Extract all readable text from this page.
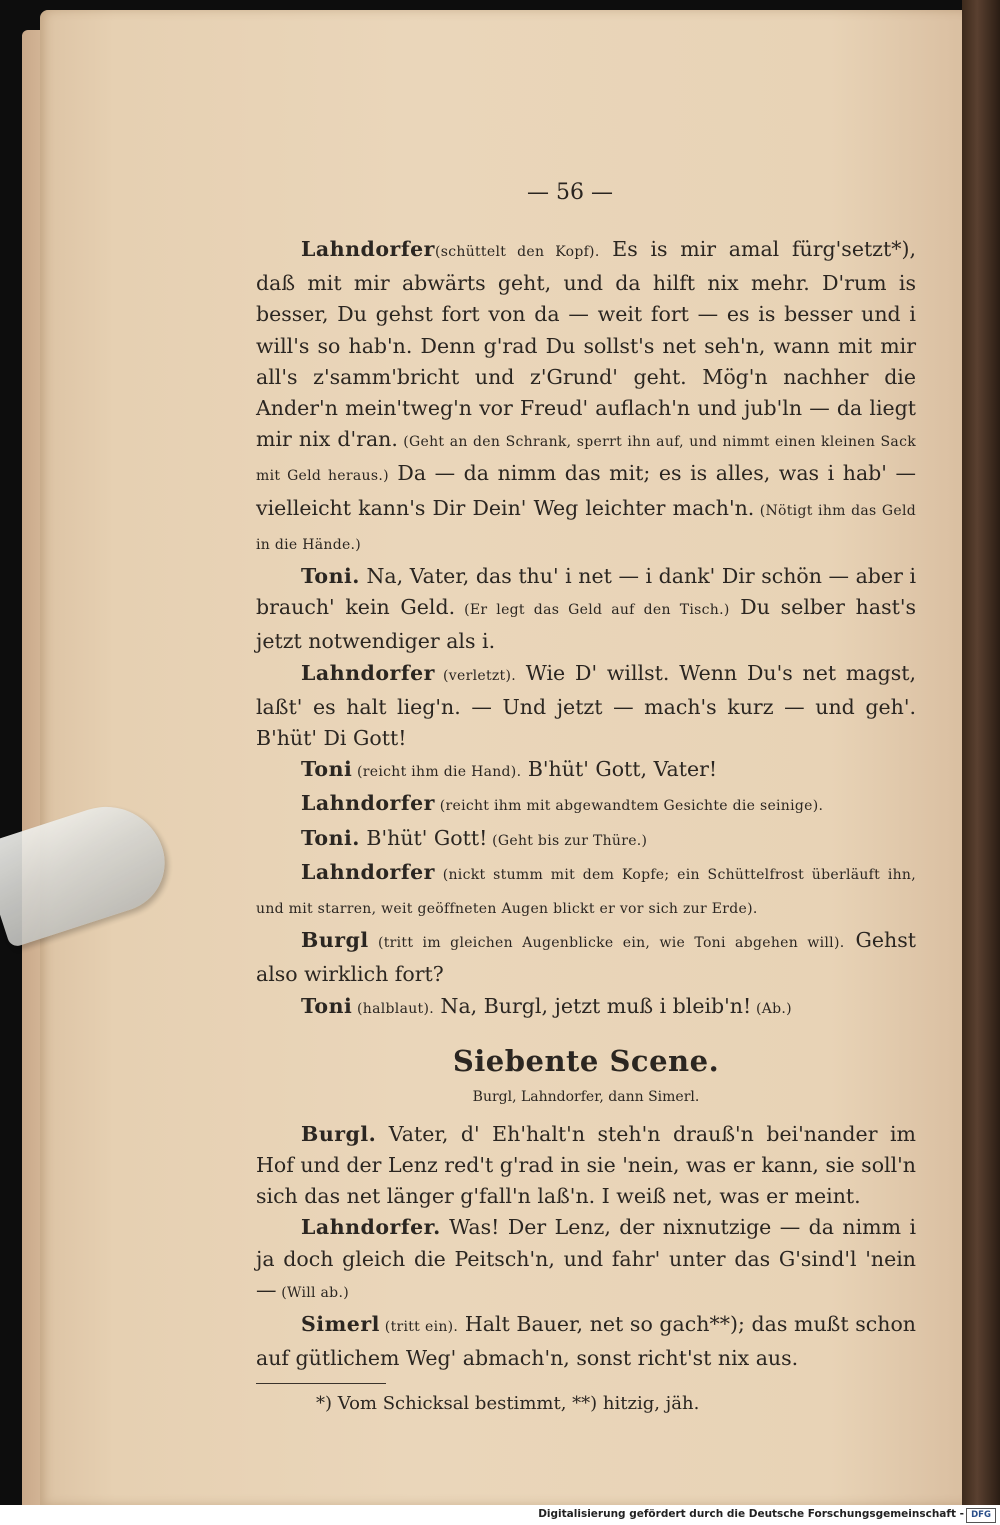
— 56 —

Lahndorfer(schüttelt den Kopf). Es is mir amal fürg'setzt*), daß mit mir abwärts geht, und da hilft nix mehr. D'rum is besser, Du gehst fort von da — weit fort — es is besser und i will's so hab'n. Denn g'rad Du sollst's net seh'n, wann mit mir all's z'samm'bricht und z'Grund' geht. Mög'n nachher die Ander'n mein'tweg'n vor Freud' auflach'n und jub'ln — da liegt mir nix d'ran. (Geht an den Schrank, sperrt ihn auf, und nimmt einen kleinen Sack mit Geld heraus.) Da — da nimm das mit; es is alles, was i hab' — vielleicht kann's Dir Dein' Weg leichter mach'n. (Nötigt ihm das Geld in die Hände.)

Toni. Na, Vater, das thu' i net — i dank' Dir schön — aber i brauch' kein Geld. (Er legt das Geld auf den Tisch.) Du selber hast's jetzt notwendiger als i.

Lahndorfer (verletzt). Wie D' willst. Wenn Du's net magst, laßt' es halt lieg'n. — Und jetzt — mach's kurz — und geh'. B'hüt' Di Gott!

Toni (reicht ihm die Hand). B'hüt' Gott, Vater!

Lahndorfer (reicht ihm mit abgewandtem Gesichte die seinige).

Toni. B'hüt' Gott! (Geht bis zur Thüre.)

Lahndorfer (nickt stumm mit dem Kopfe; ein Schüttelfrost überläuft ihn, und mit starren, weit geöffneten Augen blickt er vor sich zur Erde).

Burgl (tritt im gleichen Augenblicke ein, wie Toni abgehen will). Gehst also wirklich fort?

Toni (halblaut). Na, Burgl, jetzt muß i bleib'n! (Ab.)

Siebente Scene.
Burgl, Lahndorfer, dann Simerl.

Burgl. Vater, d' Eh'halt'n steh'n drauß'n bei'nander im Hof und der Lenz red't g'rad in sie 'nein, was er kann, sie soll'n sich das net länger g'fall'n laß'n. I weiß net, was er meint.

Lahndorfer. Was! Der Lenz, der nixnutzige — da nimm i ja doch gleich die Peitsch'n, und fahr' unter das G'sind'l 'nein — (Will ab.)

Simerl (tritt ein). Halt Bauer, net so gach**); das mußt schon auf gütlichem Weg' abmach'n, sonst richt'st nix aus.

*) Vom Schicksal bestimmt, **) hitzig, jäh.

Digitalisierung gefördert durch die Deutsche Forschungsgemeinschaft - DFG
